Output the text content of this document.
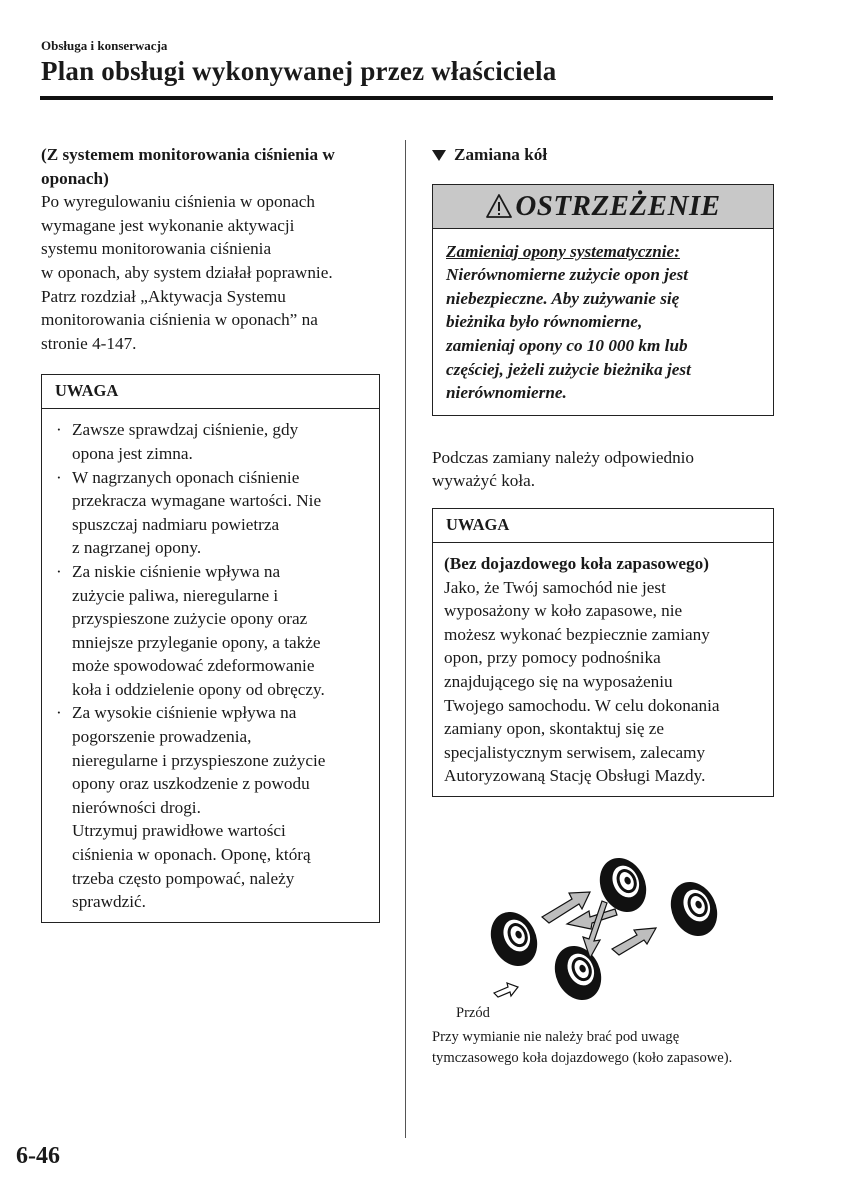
Obsługa i konserwacja
Plan obsługi wykonywanej przez właściciela
(Z systemem monitorowania ciśnienia w oponach)
Po wyregulowaniu ciśnienia w oponach
wymagane jest wykonanie aktywacji
systemu monitorowania ciśnienia
w oponach, aby system działał poprawnie.
Patrz rozdział „Aktywacja Systemu
monitorowania ciśnienia w oponach” na
stronie 4-147.
UWAGA
· Zawsze sprawdzaj ciśnienie, gdy
opona jest zimna.
· W nagrzanych oponach ciśnienie
przekracza wymagane wartości. Nie
spuszczaj nadmiaru powietrza
z nagrzanej opony.
· Za niskie ciśnienie wpływa na
zużycie paliwa, nieregularne i
przyspieszone zużycie opony oraz
mniejsze przyleganie opony, a także
może spowodować zdeformowanie
koła i oddzielenie opony od obręczy.
· Za wysokie ciśnienie wpływa na
pogorszenie prowadzenia,
nieregularne i przyspieszone zużycie
opony oraz uszkodzenie z powodu
nierówności drogi.
Utrzymuj prawidłowe wartości
ciśnienia w oponach. Oponę, którą
trzeba często pompować, należy
sprawdzić.
Zamiana kół
OSTRZEŻENIE
Zamieniaj opony systematycznie:
Nierównomierne zużycie opon jest
niebezpieczne. Aby zużywanie się
bieżnika było równomierne,
zamieniaj opony co 10 000 km lub
częściej, jeżeli zużycie bieżnika jest
nierównomierne.
Podczas zamiany należy odpowiednio
wyważyć koła.
UWAGA
(Bez dojazdowego koła zapasowego)
Jako, że Twój samochód nie jest
wyposażony w koło zapasowe, nie
możesz wykonać bezpiecznie zamiany
opon, przy pomocy podnośnika
znajdującego się na wyposażeniu
Twojego samochodu. W celu dokonania
zamiany opon, skontaktuj się ze
specjalistycznym serwisem, zalecamy
Autoryzowaną Stację Obsługi Mazdy.
Przód
Przy wymianie nie należy brać pod uwagę
tymczasowego koła dojazdowego (koło zapasowe).
6-46
